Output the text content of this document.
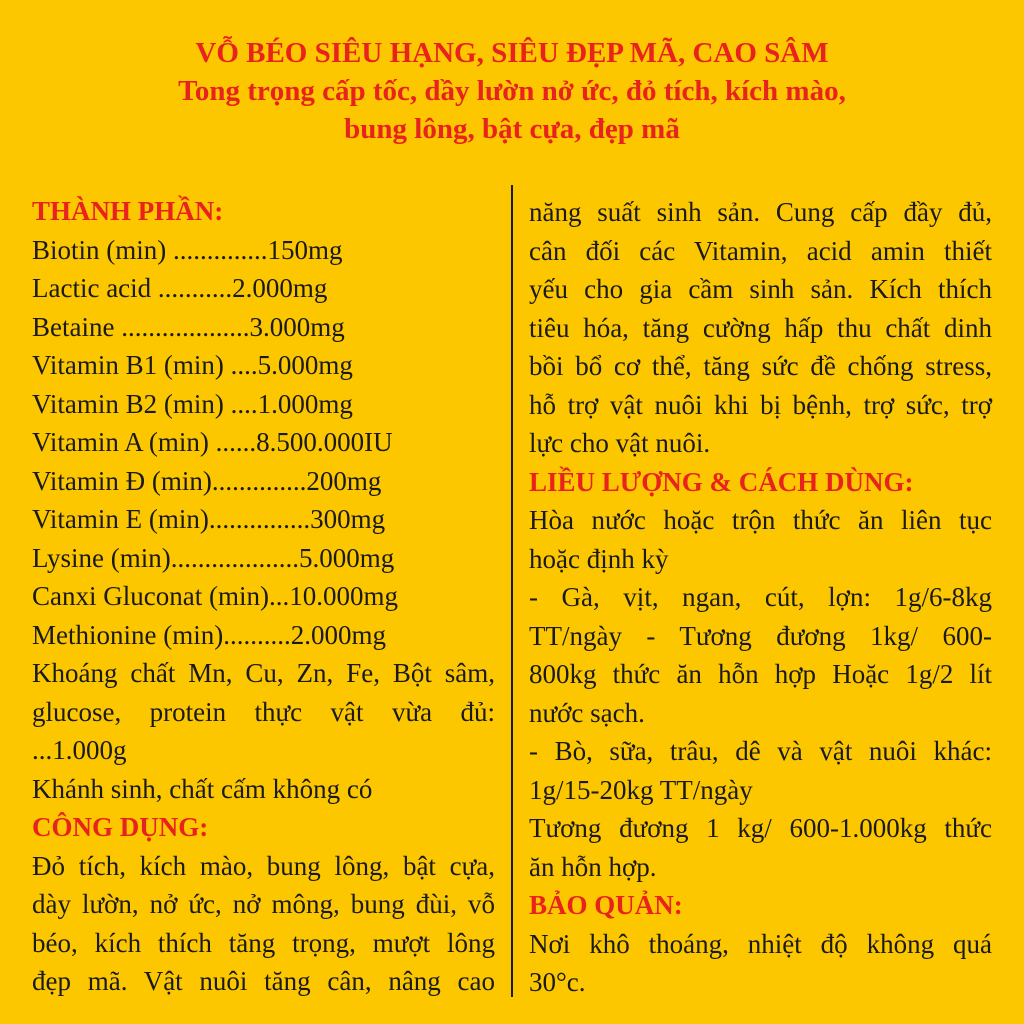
VỖ BÉO SIÊU HẠNG, SIÊU ĐẸP MÃ, CAO SÂM
Tong trọng cấp tốc, dầy lườn nở ức, đỏ tích, kích mào,
bung lông, bật cựa, đẹp mã
THÀNH PHẦN:
Biotin (min) ..............150mg
Lactic acid ...........2.000mg
Betaine ...................3.000mg
Vitamin B1 (min) ....5.000mg
Vitamin B2 (min) ....1.000mg
Vitamin A (min) ......8.500.000IU
Vitamin Đ (min)..............200mg
Vitamin E (min)...............300mg
Lysine (min)...................5.000mg
Canxi Gluconat (min)...10.000mg
Methionine (min)..........2.000mg
Khoáng chất Mn, Cu, Zn, Fe, Bột sâm,
glucose, protein thực vật vừa đủ:
...1.000g
Khánh sinh, chất cấm không có
CÔNG DỤNG:
Đỏ tích, kích mào, bung lông, bật cựa,
dày lườn, nở ức, nở mông, bung đùi, vỗ
béo, kích thích tăng trọng, mượt lông
đẹp mã. Vật nuôi tăng cân, nâng cao
năng suất sinh sản. Cung cấp đầy đủ,
cân đối các Vitamin, acid amin thiết
yếu cho gia cầm sinh sản. Kích thích
tiêu hóa, tăng cường hấp thu chất dinh
bồi bổ cơ thể, tăng sức đề chống stress,
hỗ trợ vật nuôi khi bị bệnh, trợ sức, trợ
lực cho vật nuôi.
LIỀU LƯỢNG & CÁCH DÙNG:
Hòa nước hoặc trộn thức ăn liên tục
hoặc định kỳ
- Gà, vịt, ngan, cút, lợn: 1g/6-8kg
TT/ngày - Tương đương 1kg/ 600-
800kg thức ăn hỗn hợp Hoặc 1g/2 lít
nước sạch.
- Bò, sữa, trâu, dê và vật nuôi khác:
1g/15-20kg TT/ngày
Tương đương 1 kg/ 600-1.000kg thức
ăn hỗn hợp.
BẢO QUẢN:
Nơi khô thoáng, nhiệt độ không quá
30°c.
